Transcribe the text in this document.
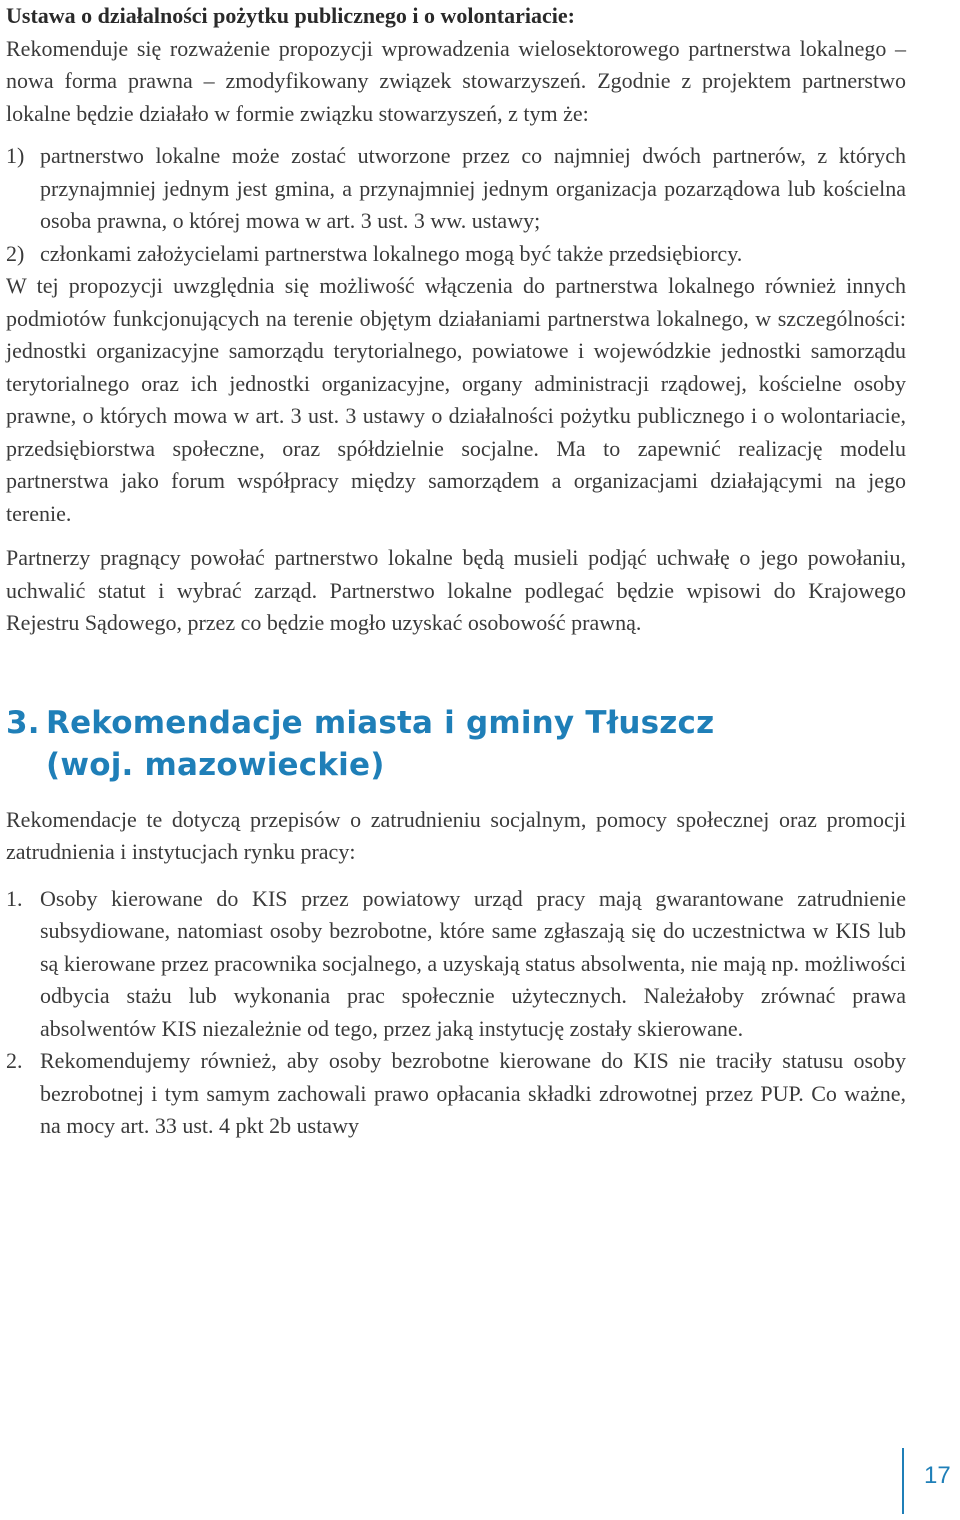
Ustawa o działalności pożytku publicznego i o wolontariacie:
Rekomenduje się rozważenie propozycji wprowadzenia wielosektorowego partnerstwa lokalnego – nowa forma prawna – zmodyfikowany związek stowarzyszeń. Zgodnie z projektem partnerstwo lokalne będzie działało w formie związku stowarzyszeń, z tym że:

1) partnerstwo lokalne może zostać utworzone przez co najmniej dwóch partnerów, z których przynajmniej jednym jest gmina, a przynajmniej jednym organizacja pozarządowa lub kościelna osoba prawna, o której mowa w art. 3 ust. 3 ww. ustawy;
2) członkami założycielami partnerstwa lokalnego mogą być także przedsiębiorcy.

W tej propozycji uwzględnia się możliwość włączenia do partnerstwa lokalnego również innych podmiotów funkcjonujących na terenie objętym działaniami partnerstwa lokalnego, w szczególności: jednostki organizacyjne samorządu terytorialnego, powiatowe i wojewódzkie jednostki samorządu terytorialnego oraz ich jednostki organizacyjne, organy administracji rządowej, kościelne osoby prawne, o których mowa w art. 3 ust. 3 ustawy o działalności pożytku publicznego i o wolontariacie, przedsiębiorstwa społeczne, oraz spółdzielnie socjalne. Ma to zapewnić realizację modelu partnerstwa jako forum współpracy między samorządem a organizacjami działającymi na jego terenie.

Partnerzy pragnący powołać partnerstwo lokalne będą musieli podjąć uchwałę o jego powołaniu, uchwalić statut i wybrać zarząd. Partnerstwo lokalne podlegać będzie wpisowi do Krajowego Rejestru Sądowego, przez co będzie mogło uzyskać osobowość prawną.

3. Rekomendacje miasta i gminy Tłuszcz
(woj. mazowieckie)

Rekomendacje te dotyczą przepisów o zatrudnieniu socjalnym, pomocy społecznej oraz promocji zatrudnienia i instytucjach rynku pracy:

1. Osoby kierowane do KIS przez powiatowy urząd pracy mają gwarantowane zatrudnienie subsydiowane, natomiast osoby bezrobotne, które same zgłaszają się do uczestnictwa w KIS lub są kierowane przez pracownika socjalnego, a uzyskają status absolwenta, nie mają np. możliwości odbycia stażu lub wykonania prac społecznie użytecznych. Należałoby zrównać prawa absolwentów KIS niezależnie od tego, przez jaką instytucję zostały skierowane.
2. Rekomendujemy również, aby osoby bezrobotne kierowane do KIS nie traciły statusu osoby bezrobotnej i tym samym zachowali prawo opłacania składki zdrowotnej przez PUP. Co ważne, na mocy art. 33 ust. 4 pkt 2b ustawy
17
